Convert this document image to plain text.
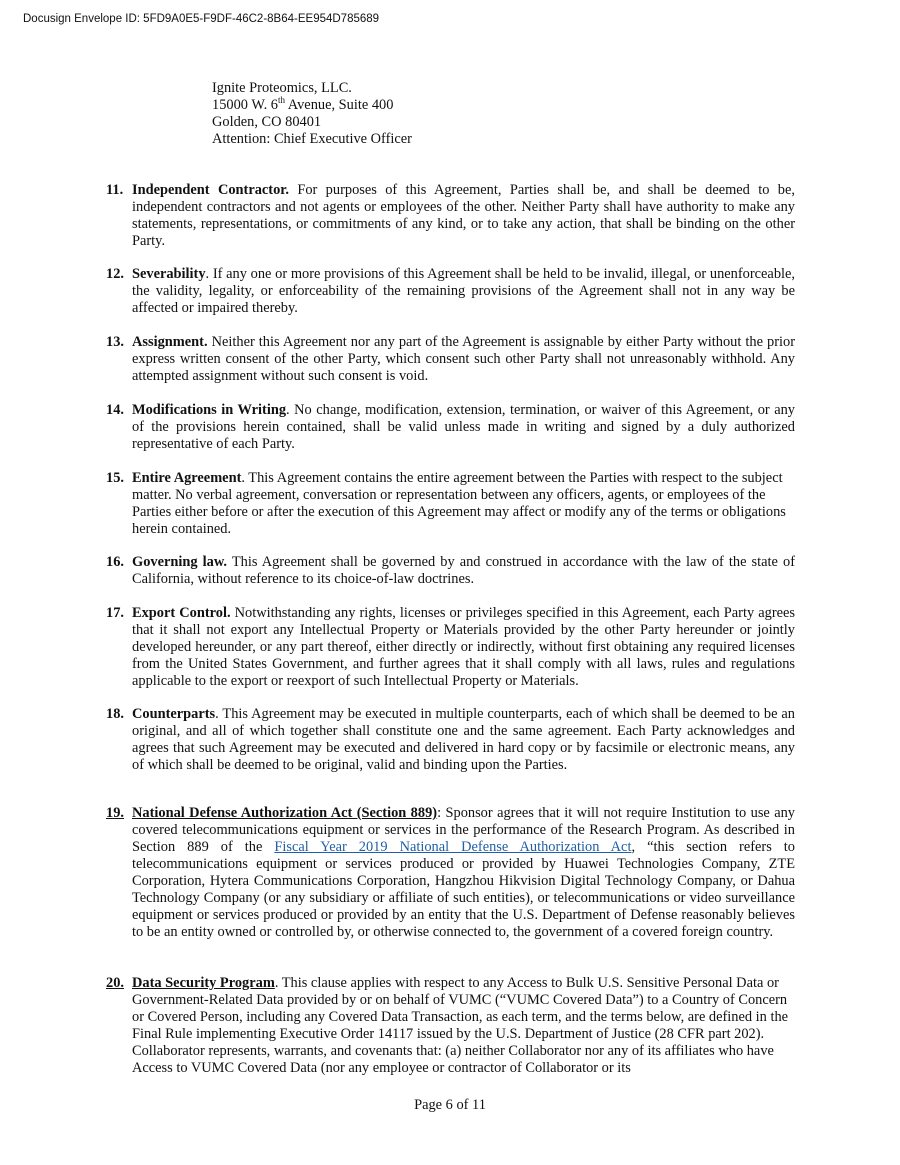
Docusign Envelope ID: 5FD9A0E5-F9DF-46C2-8B64-EE954D785689
Ignite Proteomics, LLC.
15000 W. 6th Avenue, Suite 400
Golden, CO 80401
Attention: Chief Executive Officer
11. Independent Contractor. For purposes of this Agreement, Parties shall be, and shall be deemed to be, independent contractors and not agents or employees of the other. Neither Party shall have authority to make any statements, representations, or commitments of any kind, or to take any action, that shall be binding on the other Party.
12. Severability. If any one or more provisions of this Agreement shall be held to be invalid, illegal, or unenforceable, the validity, legality, or enforceability of the remaining provisions of the Agreement shall not in any way be affected or impaired thereby.
13. Assignment. Neither this Agreement nor any part of the Agreement is assignable by either Party without the prior express written consent of the other Party, which consent such other Party shall not unreasonably withhold. Any attempted assignment without such consent is void.
14. Modifications in Writing. No change, modification, extension, termination, or waiver of this Agreement, or any of the provisions herein contained, shall be valid unless made in writing and signed by a duly authorized representative of each Party.
15. Entire Agreement. This Agreement contains the entire agreement between the Parties with respect to the subject matter. No verbal agreement, conversation or representation between any officers, agents, or employees of the Parties either before or after the execution of this Agreement may affect or modify any of the terms or obligations herein contained.
16. Governing law. This Agreement shall be governed by and construed in accordance with the law of the state of California, without reference to its choice-of-law doctrines.
17. Export Control. Notwithstanding any rights, licenses or privileges specified in this Agreement, each Party agrees that it shall not export any Intellectual Property or Materials provided by the other Party hereunder or jointly developed hereunder, or any part thereof, either directly or indirectly, without first obtaining any required licenses from the United States Government, and further agrees that it shall comply with all laws, rules and regulations applicable to the export or reexport of such Intellectual Property or Materials.
18. Counterparts. This Agreement may be executed in multiple counterparts, each of which shall be deemed to be an original, and all of which together shall constitute one and the same agreement. Each Party acknowledges and agrees that such Agreement may be executed and delivered in hard copy or by facsimile or electronic means, any of which shall be deemed to be original, valid and binding upon the Parties.
19. National Defense Authorization Act (Section 889): Sponsor agrees that it will not require Institution to use any covered telecommunications equipment or services in the performance of the Research Program. As described in Section 889 of the Fiscal Year 2019 National Defense Authorization Act, “this section refers to telecommunications equipment or services produced or provided by Huawei Technologies Company, ZTE Corporation, Hytera Communications Corporation, Hangzhou Hikvision Digital Technology Company, or Dahua Technology Company (or any subsidiary or affiliate of such entities), or telecommunications or video surveillance equipment or services produced or provided by an entity that the U.S. Department of Defense reasonably believes to be an entity owned or controlled by, or otherwise connected to, the government of a covered foreign country.
20. Data Security Program. This clause applies with respect to any Access to Bulk U.S. Sensitive Personal Data or Government-Related Data provided by or on behalf of VUMC (“VUMC Covered Data”) to a Country of Concern or Covered Person, including any Covered Data Transaction, as each term, and the terms below, are defined in the Final Rule implementing Executive Order 14117 issued by the U.S. Department of Justice (28 CFR part 202). Collaborator represents, warrants, and covenants that: (a) neither Collaborator nor any of its affiliates who have Access to VUMC Covered Data (nor any employee or contractor of Collaborator or its
Page 6 of 11
